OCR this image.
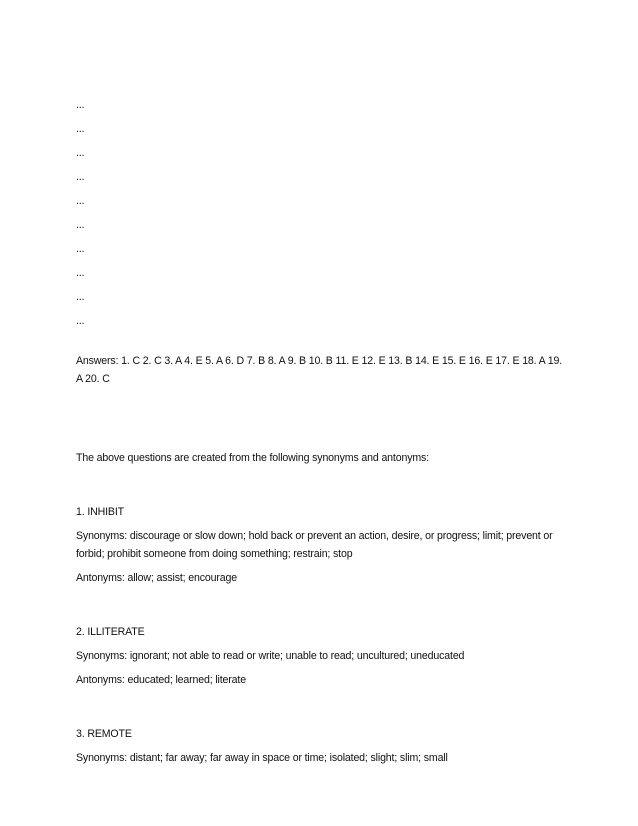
...
...
...
...
...
...
...
...
...
...

Answers: 1. C 2. C 3. A 4. E 5. A 6. D 7. B 8. A 9. B 10. B 11. E 12. E 13. B 14. E 15. E 16. E 17. E 18. A 19. A 20. C

The above questions are created from the following synonyms and antonyms:

1. INHIBIT

Synonyms: discourage or slow down; hold back or prevent an action, desire, or progress; limit; prevent or forbid; prohibit someone from doing something; restrain; stop

Antonyms: allow; assist; encourage

2. ILLITERATE

Synonyms: ignorant; not able to read or write; unable to read; uncultured; uneducated

Antonyms: educated; learned; literate

3. REMOTE

Synonyms: distant; far away; far away in space or time; isolated; slight; slim; small
